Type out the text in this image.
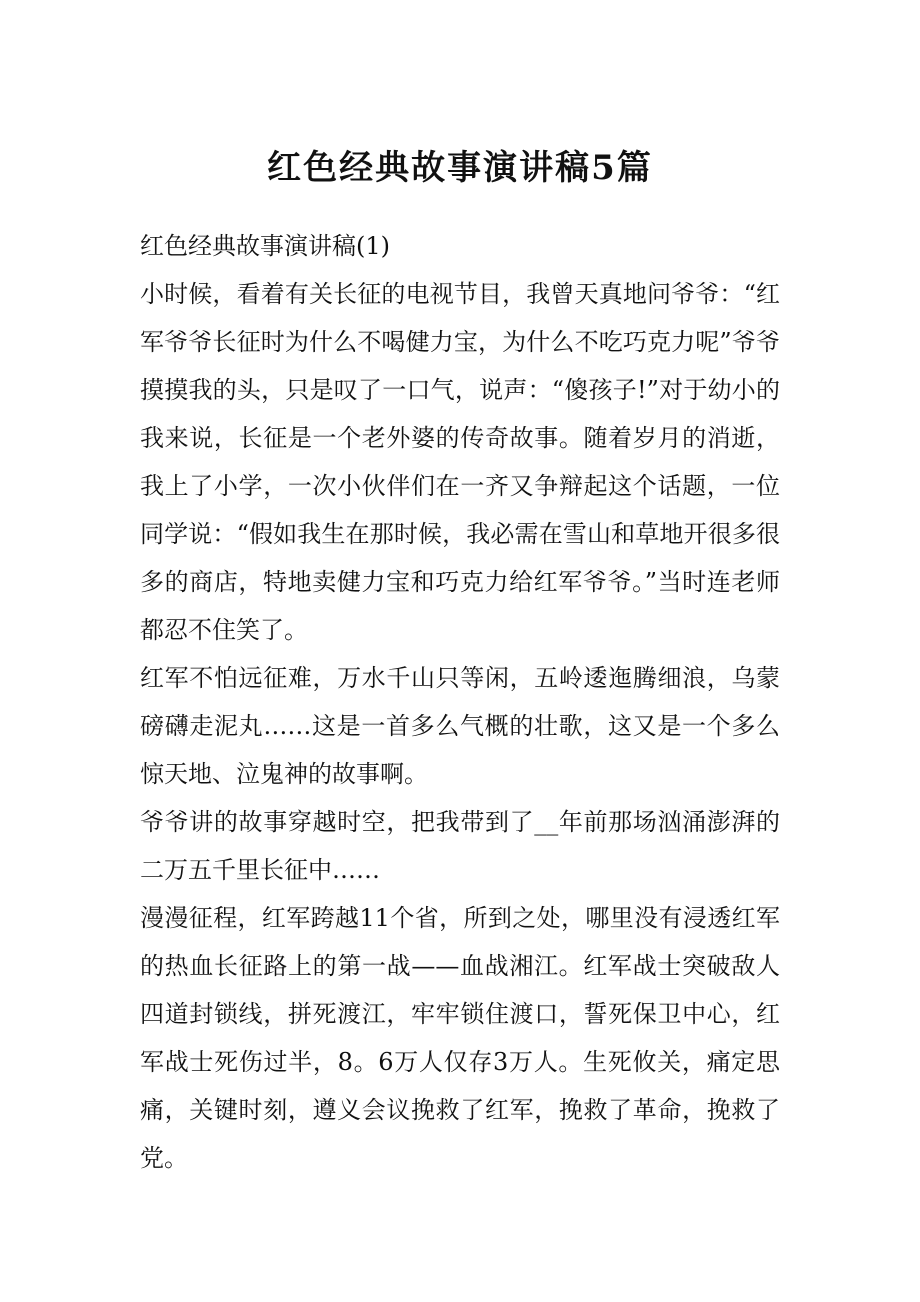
红色经典故事演讲稿5篇

红色经典故事演讲稿(1)

小时候，看着有关长征的电视节目，我曾天真地问爷爷：“红军爷爷长征时为什么不喝健力宝，为什么不吃巧克力呢”爷爷摸摸我的头，只是叹了一口气，说声：“傻孩子!”对于幼小的我来说，长征是一个老外婆的传奇故事。随着岁月的消逝，我上了小学，一次小伙伴们在一齐又争辩起这个话题，一位同学说：“假如我生在那时候，我必需在雪山和草地开很多很多的商店，特地卖健力宝和巧克力给红军爷爷。”当时连老师都忍不住笑了。

红军不怕远征难，万水千山只等闲，五岭逶迤腾细浪，乌蒙磅礴走泥丸……这是一首多么气概的壮歌，这又是一个多么惊天地、泣鬼神的故事啊。

爷爷讲的故事穿越时空，把我带到了__年前那场汹涌澎湃的二万五千里长征中……

漫漫征程，红军跨越11个省，所到之处，哪里没有浸透红军的热血长征路上的第一战——血战湘江。红军战士突破敌人四道封锁线，拼死渡江，牢牢锁住渡口，誓死保卫中心，红军战士死伤过半，8。6万人仅存3万人。生死攸关，痛定思痛，关键时刻，遵义会议挽救了红军，挽救了革命，挽救了党。
